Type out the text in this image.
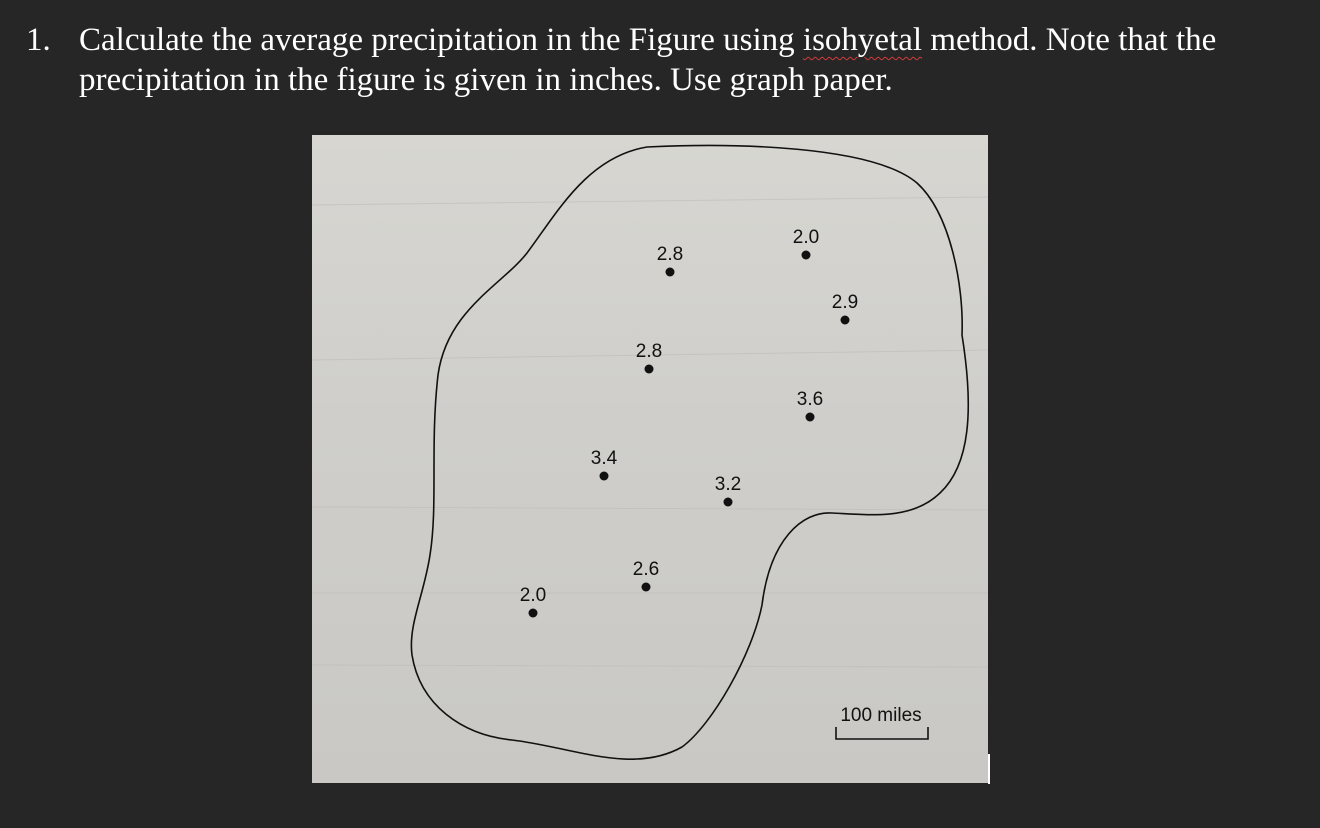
1. Calculate the average precipitation in the Figure using isohyetal method. Note that the
precipitation in the figure is given in inches. Use graph paper.
2.8
2.0
2.9
2.8
3.6
3.4
3.2
2.6
2.0
100 miles
